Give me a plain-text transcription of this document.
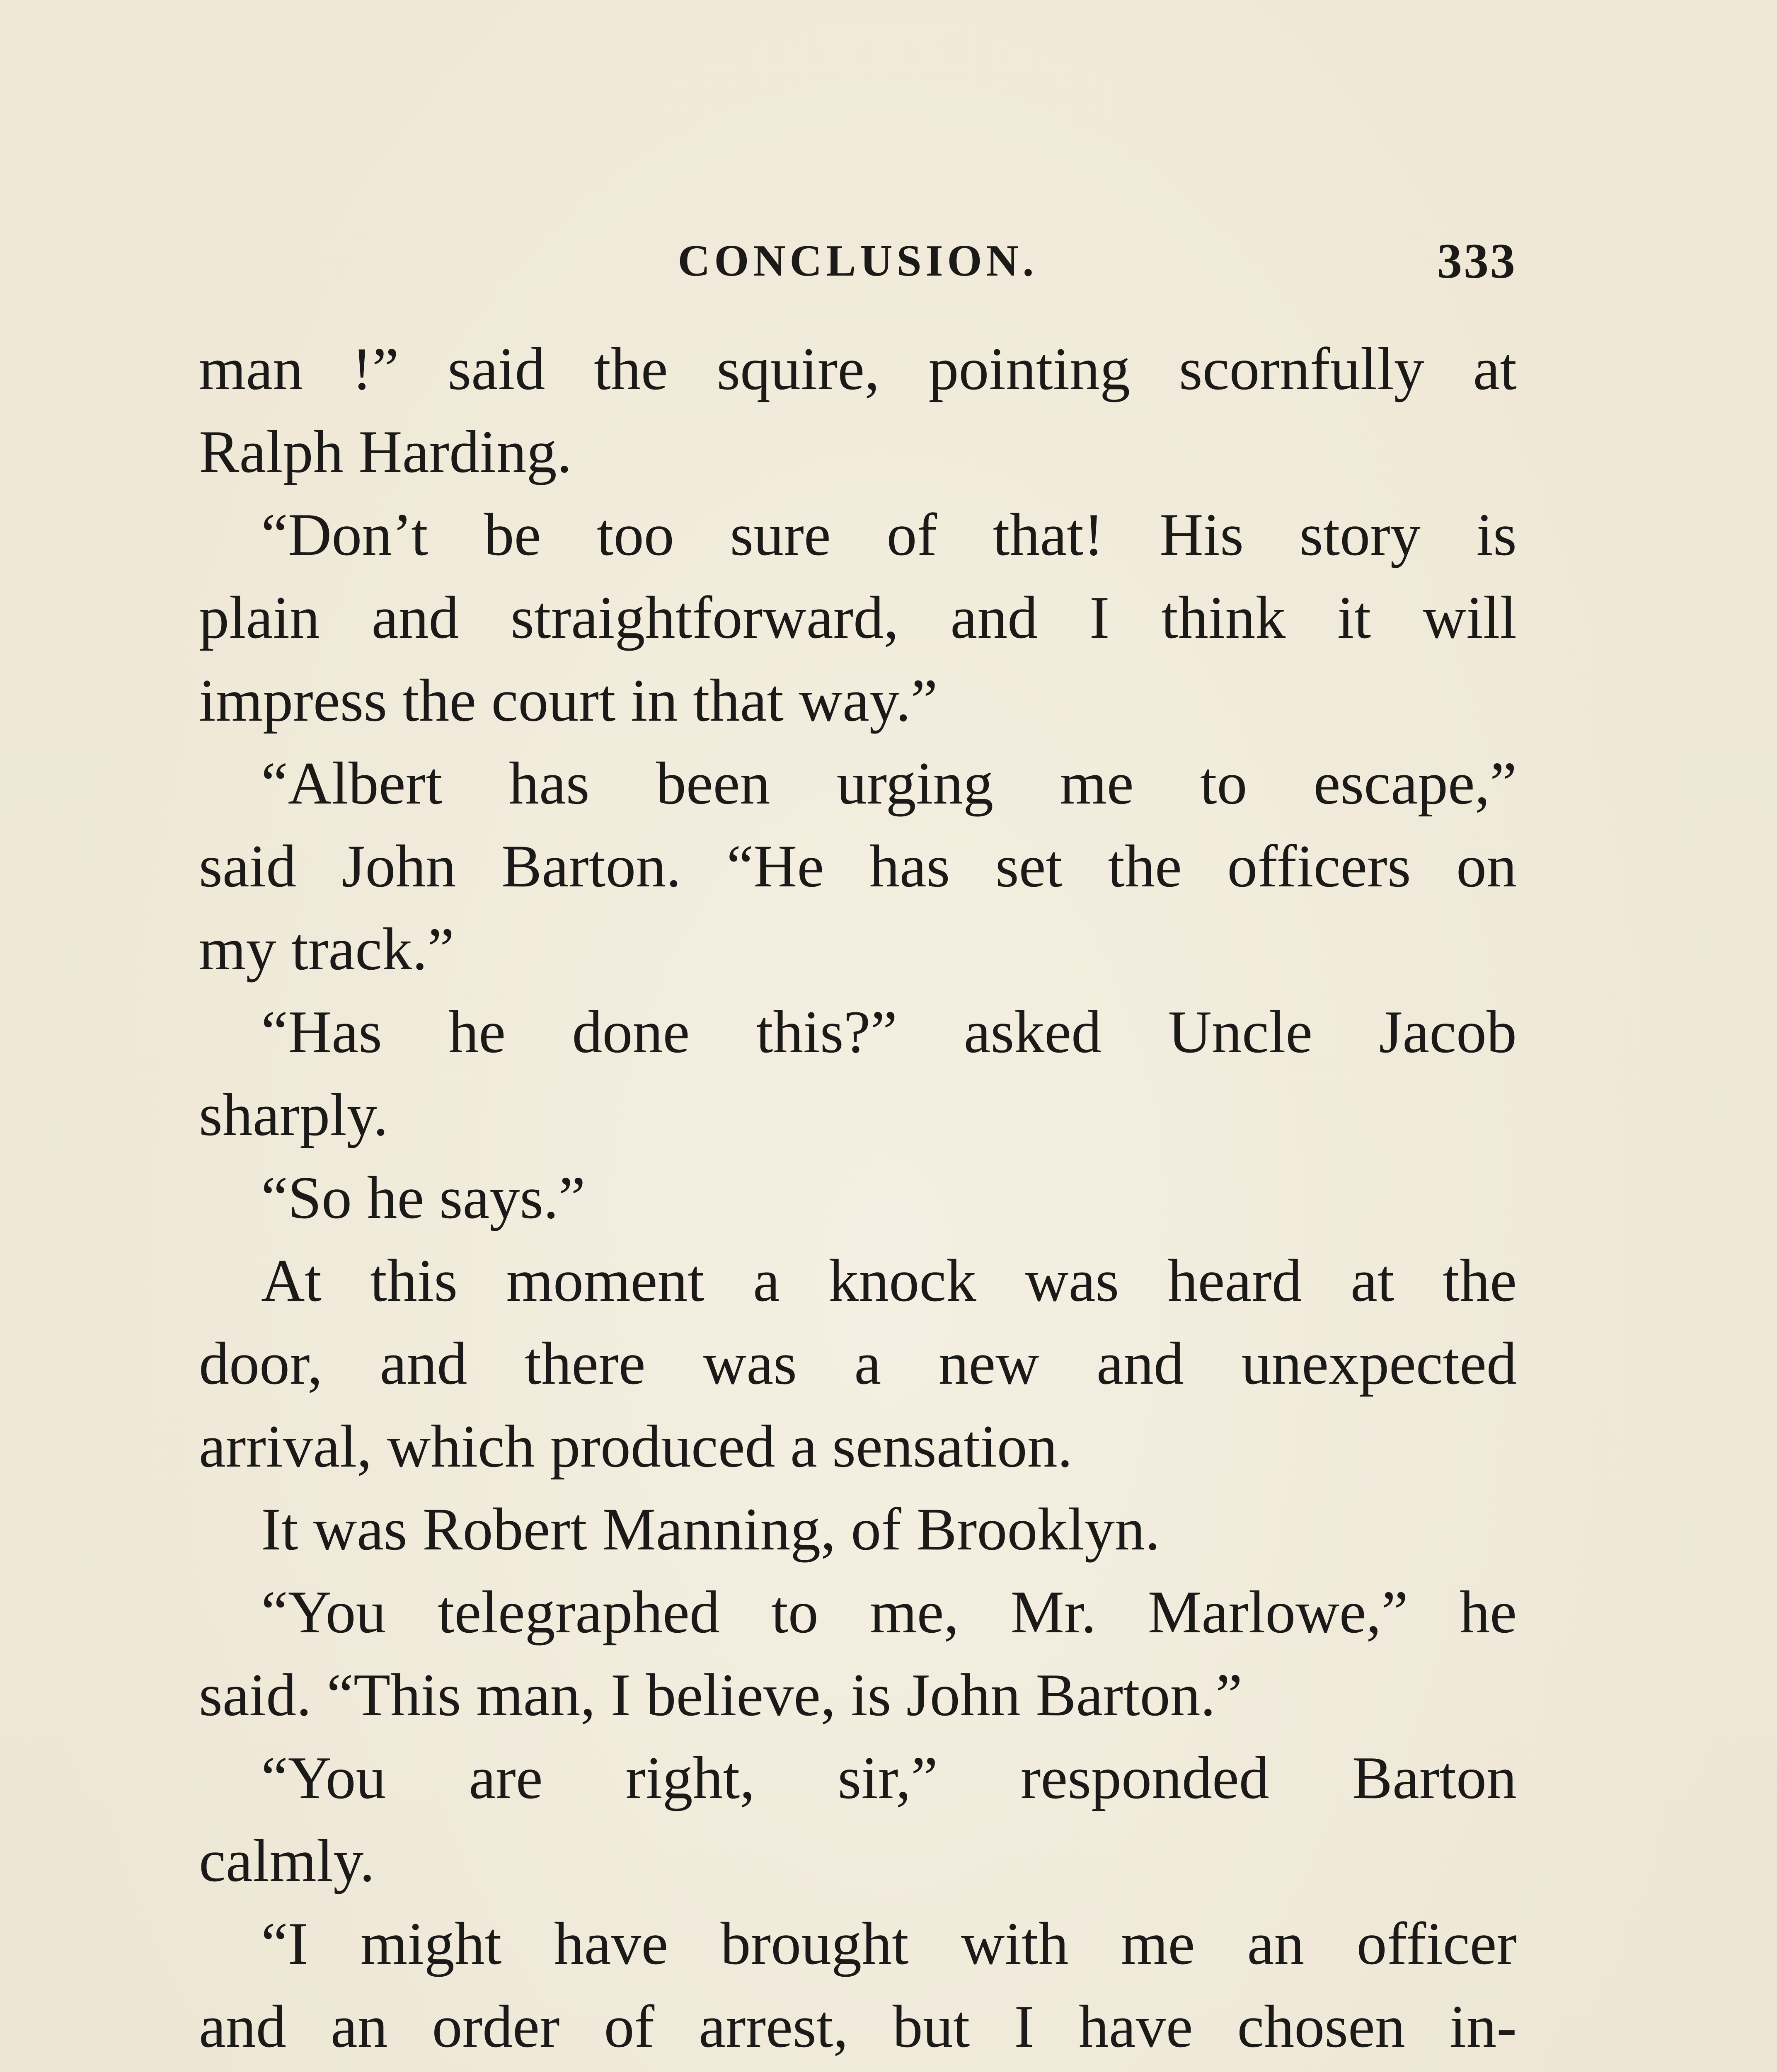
CONCLUSION.	333
man !” said the squire, pointing scornfully at
Ralph Harding.
“Don’t be too sure of that! His story is
plain and straightforward, and I think it will
impress the court in that way.”
“Albert has been urging me to escape,”
said John Barton. “He has set the officers on
my track.”
“Has he done this?” asked Uncle Jacob
sharply.
“So he says.”
At this moment a knock was heard at the
door, and there was a new and unexpected
arrival, which produced a sensation.
It was Robert Manning, of Brooklyn.
“You telegraphed to me, Mr. Marlowe,” he
said. “This man, I believe, is John Barton.”
“You are right, sir,” responded Barton
calmly.
“I might have brought with me an officer
and an order of arrest, but I have chosen in-
